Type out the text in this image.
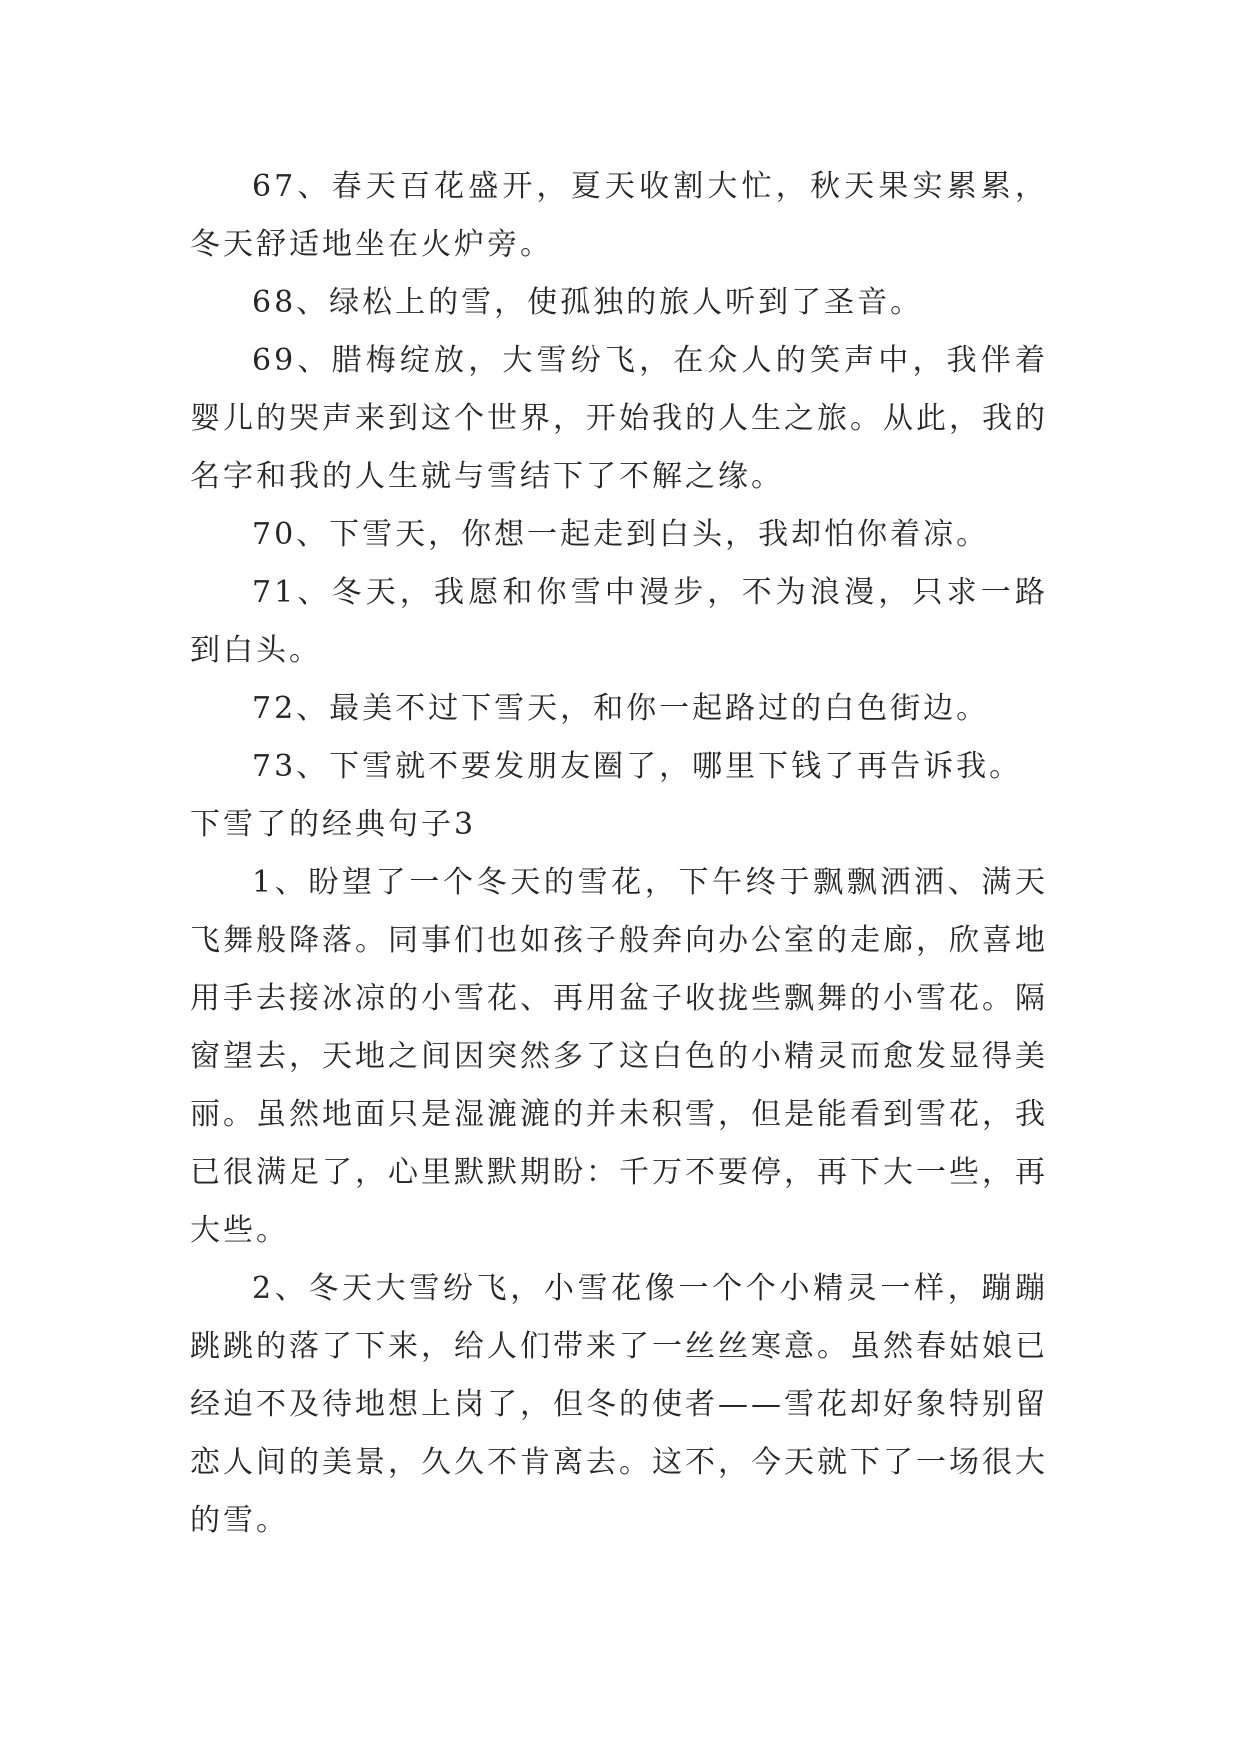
67、春天百花盛开，夏天收割大忙，秋天果实累累，冬天舒适地坐在火炉旁。

68、绿松上的雪，使孤独的旅人听到了圣音。

69、腊梅绽放，大雪纷飞，在众人的笑声中，我伴着婴儿的哭声来到这个世界，开始我的人生之旅。从此，我的名字和我的人生就与雪结下了不解之缘。

70、下雪天，你想一起走到白头，我却怕你着凉。

71、冬天，我愿和你雪中漫步，不为浪漫，只求一路到白头。

72、最美不过下雪天，和你一起路过的白色街边。

73、下雪就不要发朋友圈了，哪里下钱了再告诉我。

下雪了的经典句子3

1、盼望了一个冬天的雪花，下午终于飘飘洒洒、满天飞舞般降落。同事们也如孩子般奔向办公室的走廊，欣喜地用手去接冰凉的小雪花、再用盆子收拢些飘舞的小雪花。隔窗望去，天地之间因突然多了这白色的小精灵而愈发显得美丽。虽然地面只是湿漉漉的并未积雪，但是能看到雪花，我已很满足了，心里默默期盼：千万不要停，再下大一些，再大些。

2、冬天大雪纷飞，小雪花像一个个小精灵一样，蹦蹦跳跳的落了下来，给人们带来了一丝丝寒意。虽然春姑娘已经迫不及待地想上岗了，但冬的使者——雪花却好象特别留恋人间的美景，久久不肯离去。这不，今天就下了一场很大的雪。
